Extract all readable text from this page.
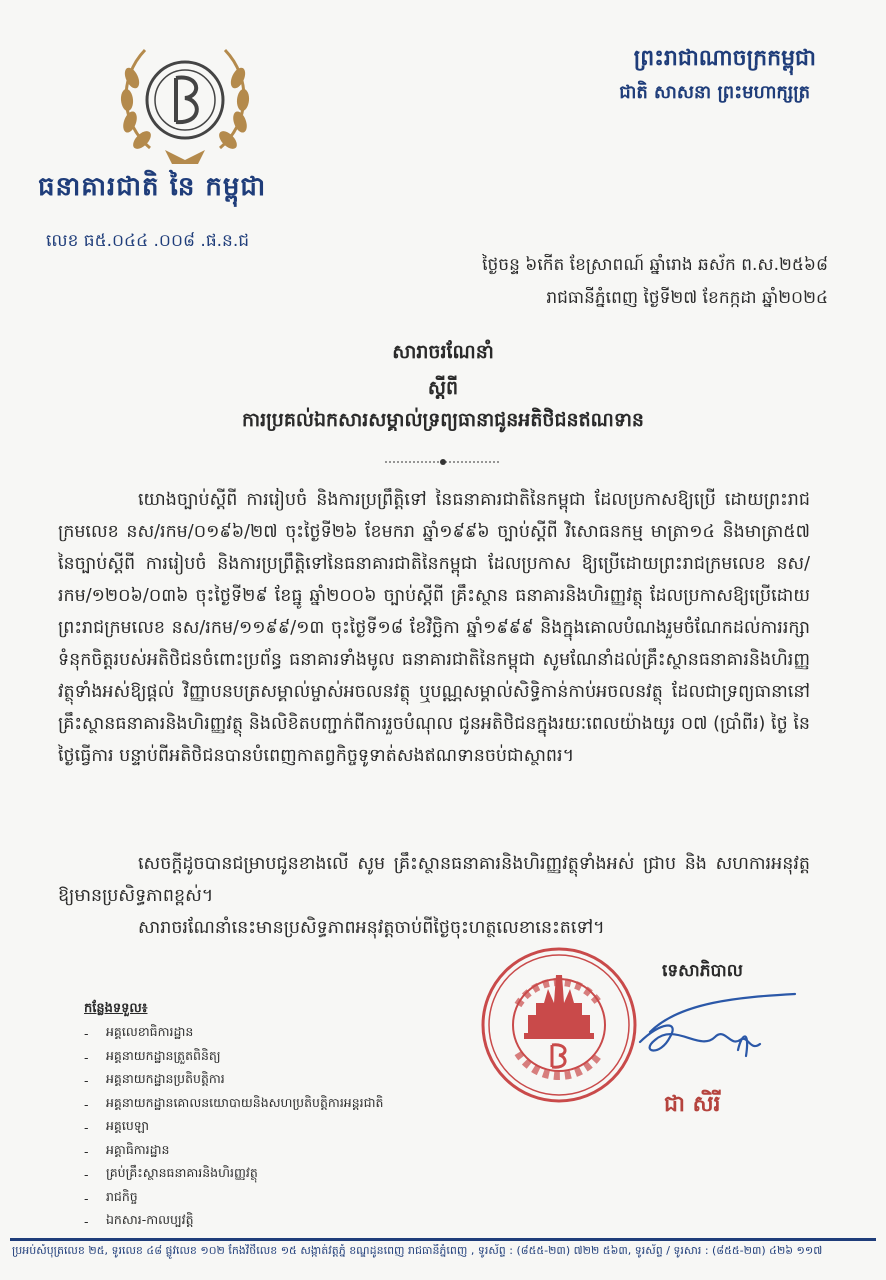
ធនាគារជាតិ នៃ កម្ពុជា
លេខ ធ៥.០៤៤ .០០៨ .ផ.ន.ជ
ព្រះរាជាណាចក្រកម្ពុជា
ជាតិ សាសនា ព្រះមហាក្សត្រ
ថ្ងៃចន្ទ ៦កើត ខែស្រាពណ៍ ឆ្នាំរោង ឆស័ក ព.ស.២៥៦៨
រាជធានីភ្នំពេញ ថ្ងៃទី២៧ ខែកក្កដា ឆ្នាំ២០២៤
សារាចរណែនាំ
ស្តីពី
ការប្រគល់ឯកសារសម្គាល់ទ្រព្យធានាជូនអតិថិជនឥណទាន
យោងច្បាប់ស្តីពី ការរៀបចំ និងការប្រព្រឹត្តិទៅ នៃធនាគារជាតិនៃកម្ពុជា ដែលប្រកាសឱ្យប្រើ ដោយព្រះរាជក្រមលេខ នស/រកម/០១៩៦/២៧ ចុះថ្ងៃទី២៦ ខែមករា ឆ្នាំ១៩៩៦ ច្បាប់ស្តីពី វិសោធនកម្ម មាត្រា១៤ និងមាត្រា៥៧ នៃច្បាប់ស្តីពី ការរៀបចំ និងការប្រព្រឹត្តិទៅនៃធនាគារជាតិនៃកម្ពុជា ដែលប្រកាស ឱ្យប្រើដោយព្រះរាជក្រមលេខ នស/រកម/១២០៦/០៣៦ ចុះថ្ងៃទី២៩ ខែធ្នូ ឆ្នាំ២០០៦ ច្បាប់ស្តីពី គ្រឹះស្ថាន ធនាគារនិងហិរញ្ញវត្ថុ ដែលប្រកាសឱ្យប្រើដោយព្រះរាជក្រមលេខ នស/រកម/១១៩៩/១៣ ចុះថ្ងៃទី១៨ ខែវិច្ឆិកា ឆ្នាំ១៩៩៩ និងក្នុងគោលបំណងរួមចំណែកដល់ការរក្សាទំនុកចិត្តរបស់អតិថិជនចំពោះប្រព័ន្ធ ធនាគារទាំងមូល ធនាគារជាតិនៃកម្ពុជា សូមណែនាំដល់គ្រឹះស្ថានធនាគារនិងហិរញ្ញវត្ថុទាំងអស់ឱ្យផ្តល់ វិញ្ញាបនបត្រសម្គាល់ម្ចាស់អចលនវត្ថុ ឬបណ្ណសម្គាល់សិទ្ធិកាន់កាប់អចលនវត្ថុ ដែលជាទ្រព្យធានានៅ គ្រឹះស្ថានធនាគារនិងហិរញ្ញវត្ថុ និងលិខិតបញ្ជាក់ពីការរួចបំណុល ជូនអតិថិជនក្នុងរយៈពេលយ៉ាងយូរ ០៧ (ប្រាំពីរ) ថ្ងៃ នៃថ្ងៃធ្វើការ បន្ទាប់ពីអតិថិជនបានបំពេញកាតព្វកិច្ចទូទាត់សងឥណទានចប់ជាស្ថាពរ។
សេចក្តីដូចបានជម្រាបជូនខាងលើ សូម គ្រឹះស្ថានធនាគារនិងហិរញ្ញវត្ថុទាំងអស់ ជ្រាប និង សហការអនុវត្តឱ្យមានប្រសិទ្ធភាពខ្ពស់។
សារាចរណែនាំនេះមានប្រសិទ្ធភាពអនុវត្តចាប់ពីថ្ងៃចុះហត្ថលេខានេះតទៅ។
ទេសាភិបាល
ជា សិរី
កន្លែងទទួល៖
-	អគ្គលេខាធិការដ្ឋាន
-	អគ្គនាយកដ្ឋានត្រួតពិនិត្យ
-	អគ្គនាយកដ្ឋានប្រតិបត្តិការ
-	អគ្គនាយកដ្ឋានគោលនយោបាយនិងសហប្រតិបត្តិការអន្តរជាតិ
-	អគ្គបេឡា
-	អគ្គាធិការដ្ឋាន
-	គ្រប់គ្រឹះស្ថានធនាគារនិងហិរញ្ញវត្ថុ
-	រាជកិច្ច
-	ឯកសារ-កាលប្បវត្តិ
ប្រអប់សំបុត្រលេខ ២៥, ទូរលេខ ៤៨ ផ្លូវលេខ ១០២ កែងវិថីលេខ ១៥ សង្កាត់វត្តភ្នំ ខណ្ឌដូនពេញ រាជធានីភ្នំពេញ , ទូរស័ព្ទ : (៨៥៥-២៣) ៧២២ ៥៦៣, ទូរស័ព្ទ / ទូរសារ : (៨៥៥-២៣) ៤២៦ ១១៧
